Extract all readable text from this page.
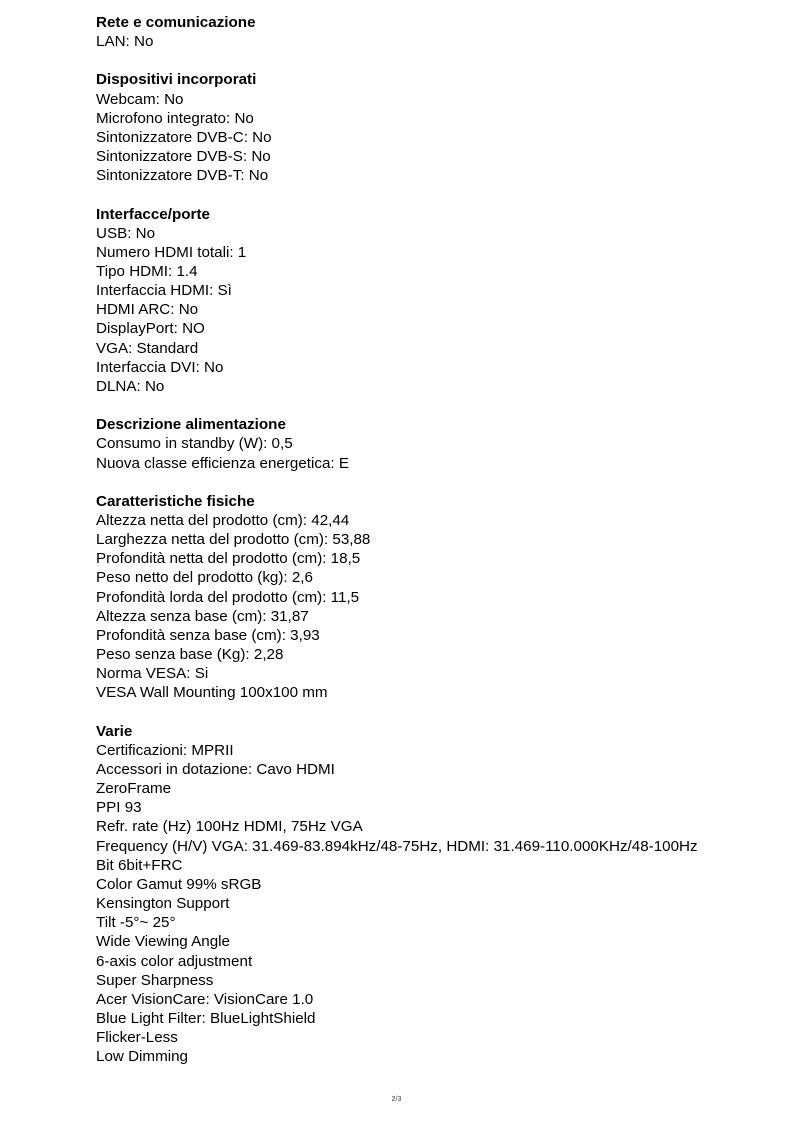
Rete e comunicazione
LAN: No
Dispositivi incorporati
Webcam: No
Microfono integrato: No
Sintonizzatore DVB-C: No
Sintonizzatore DVB-S: No
Sintonizzatore DVB-T: No
Interfacce/porte
USB: No
Numero HDMI totali: 1
Tipo HDMI: 1.4
Interfaccia HDMI: Sì
HDMI ARC: No
DisplayPort: NO
VGA: Standard
Interfaccia DVI: No
DLNA: No
Descrizione alimentazione
Consumo in standby (W): 0,5
Nuova classe efficienza energetica: E
Caratteristiche fisiche
Altezza netta del prodotto (cm): 42,44
Larghezza netta del prodotto (cm): 53,88
Profondità netta del prodotto (cm): 18,5
Peso netto del prodotto (kg): 2,6
Profondità lorda del prodotto (cm): 11,5
Altezza senza base (cm): 31,87
Profondità senza base (cm): 3,93
Peso senza base (Kg): 2,28
Norma VESA: Si
VESA Wall Mounting 100x100 mm
Varie
Certificazioni: MPRII
Accessori in dotazione: Cavo HDMI
ZeroFrame
PPI 93
Refr. rate (Hz) 100Hz HDMI, 75Hz VGA
Frequency (H/V) VGA: 31.469-83.894kHz/48-75Hz, HDMI: 31.469-110.000KHz/48-100Hz
Bit 6bit+FRC
Color Gamut 99% sRGB
Kensington Support
Tilt -5°~ 25°
Wide Viewing Angle
6-axis color adjustment
Super Sharpness
Acer VisionCare: VisionCare 1.0
Blue Light Filter: BlueLightShield
Flicker-Less
Low Dimming
2/3
